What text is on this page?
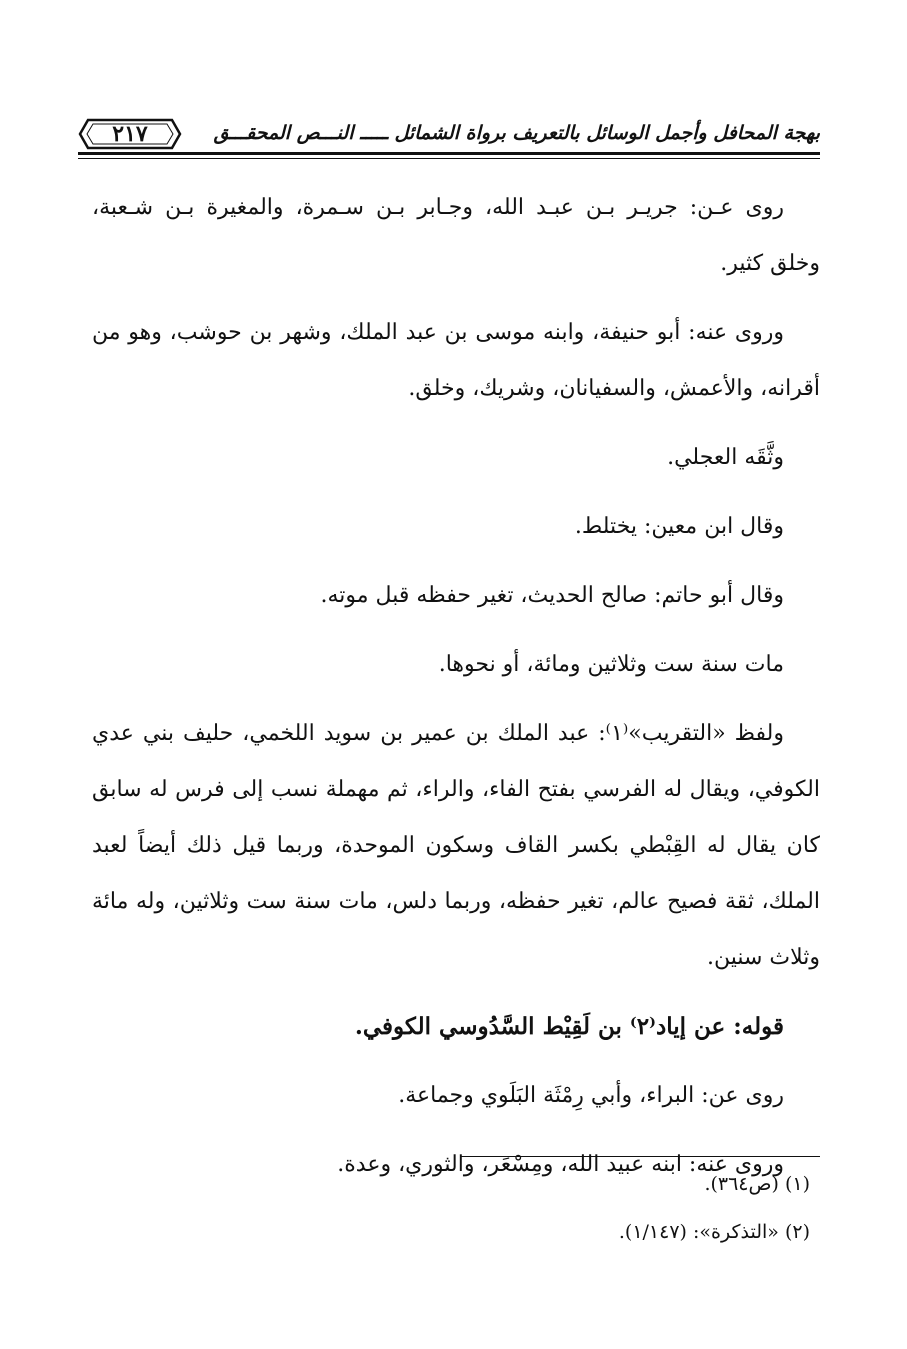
٢١٧	بهجة المحافل وأجمل الوسائل بالتعريف برواة الشمائل ـــــ النـــص المحقـــق

روى عـن: جريـر بـن عبـد الله، وجـابر بـن سـمرة، والمغيرة بـن شـعبة، وخلق كثير.

وروى عنه: أبو حنيفة، وابنه موسى بن عبد الملك، وشهر بن حوشب، وهو من أقرانه، والأعمش، والسفيانان، وشريك، وخلق.

وثَّقَه العجلي.

وقال ابن معين: يختلط.

وقال أبو حاتم: صالح الحديث، تغير حفظه قبل موته.

مات سنة ست وثلاثين ومائة، أو نحوها.

ولفظ «التقريب»⁽١⁾: عبد الملك بن عمير بن سويد اللخمي، حليف بني عدي الكوفي، ويقال له الفرسي بفتح الفاء، والراء، ثم مهملة نسب إلى فرس له سابق كان يقال له القِبْطي بكسر القاف وسكون الموحدة، وربما قيل ذلك أيضاً لعبد الملك، ثقة فصيح عالم، تغير حفظه، وربما دلس، مات سنة ست وثلاثين، وله مائة وثلاث سنين.

قوله: عن إياد⁽٢⁾ بن لَقِيْط السَّدُوسي الكوفي.

روى عن: البراء، وأبي رِمْثَة البَلَوي وجماعة.

وروى عنه: ابنه عبيد الله، ومِسْعَر، والثوري، وعدة.

(١) (ص٣٦٤).
(٢) «التذكرة»: (١/١٤٧).
